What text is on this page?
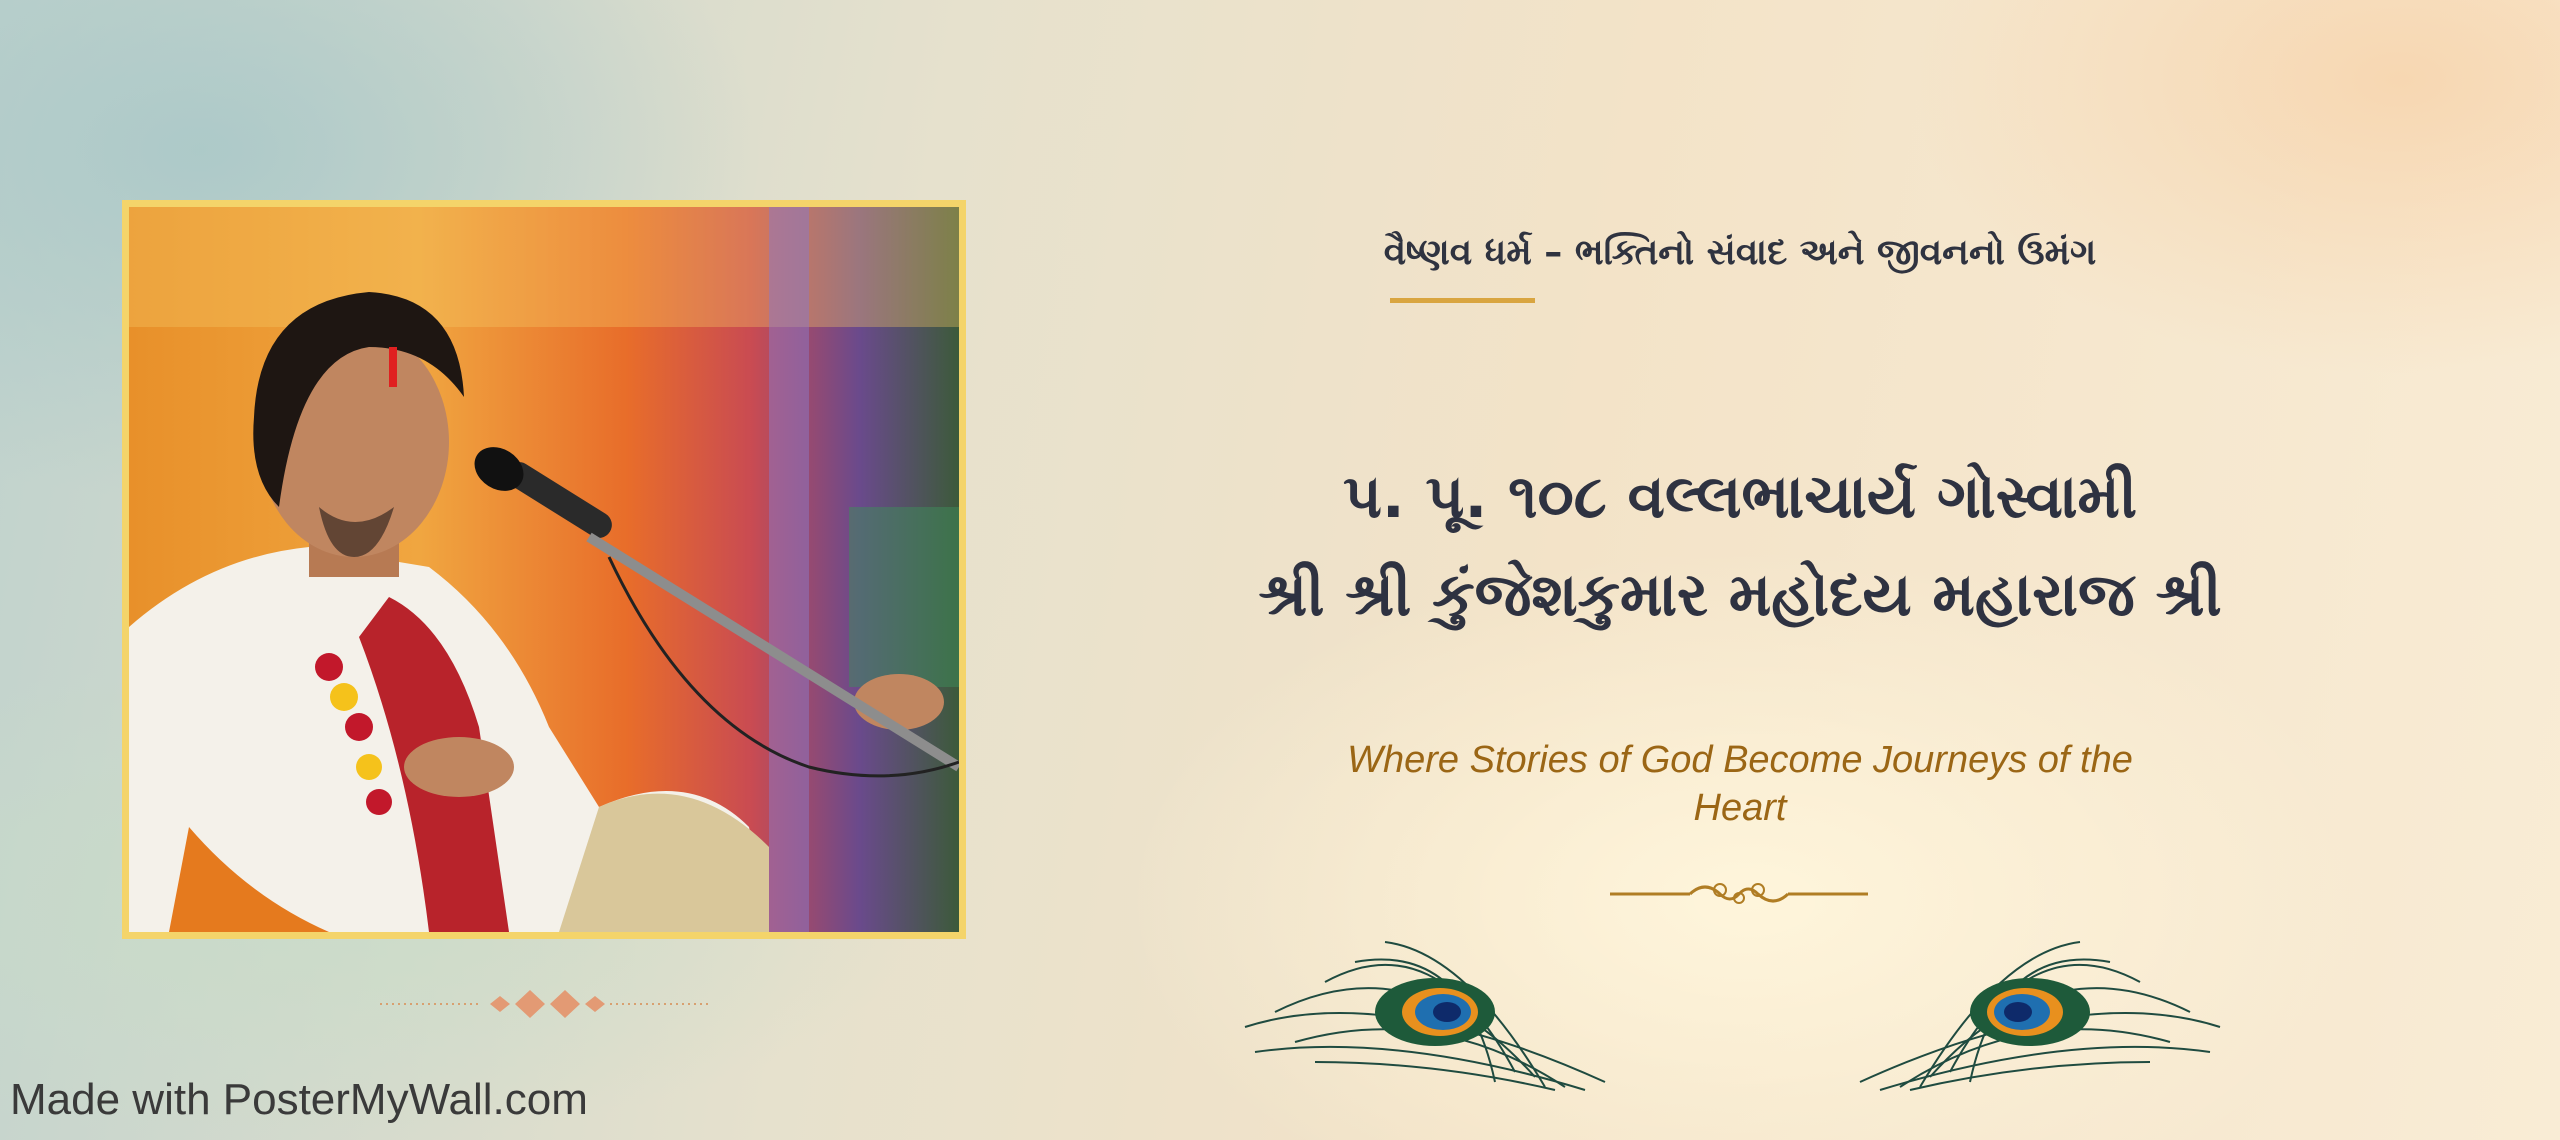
વૈષ્ણવ ધર્મ – ભક્તિનો સંવાદ અને જીવનનો ઉમંગ
પ. પૂ. ૧૦૮ વલ્લભાચાર્ય ગોસ્વામી
શ્રી શ્રી કુંજેશકુમાર મહોદય મહારાજ શ્રી

Where Stories of God Become Journeys of the Heart

Made with PosterMyWall.com
